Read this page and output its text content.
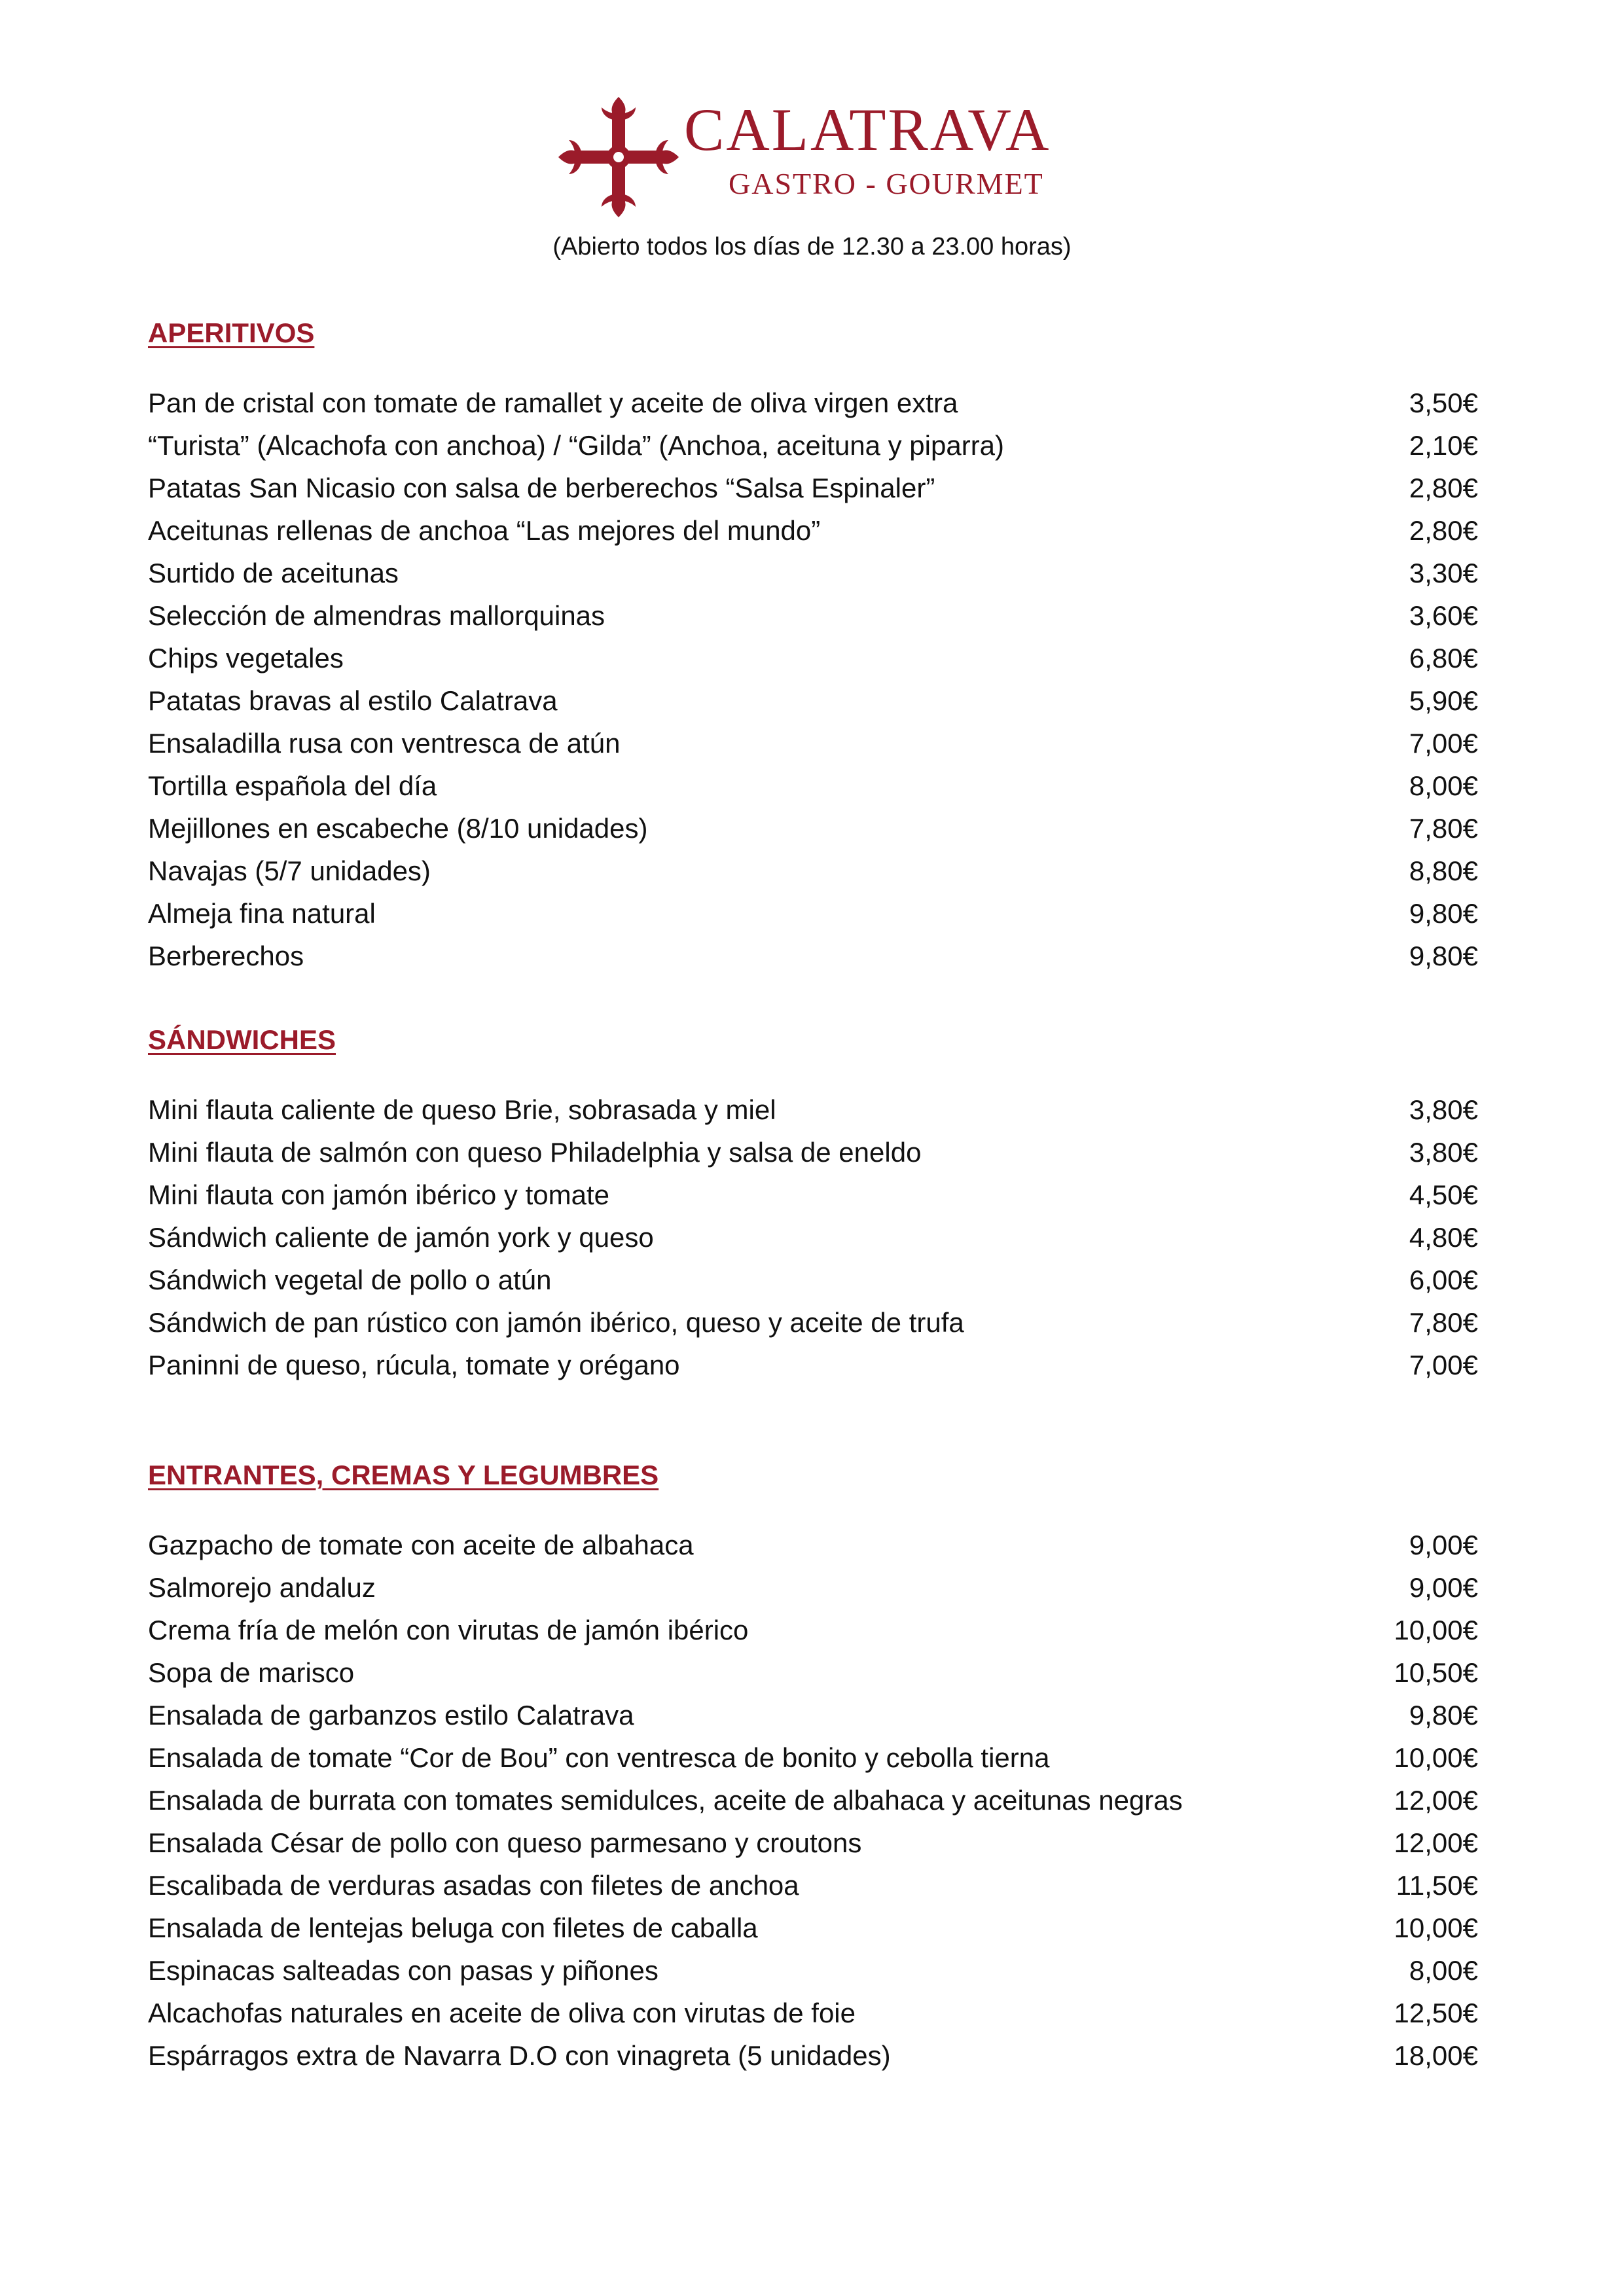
CALATRAVA
GASTRO - GOURMET
(Abierto todos los días de 12.30 a 23.00 horas)
APERITIVOS
Pan de cristal con tomate de ramallet y aceite de oliva virgen extra	3,50€
“Turista” (Alcachofa con anchoa) / “Gilda” (Anchoa, aceituna y piparra)	2,10€
Patatas San Nicasio con salsa de berberechos “Salsa Espinaler”	2,80€
Aceitunas rellenas de anchoa “Las mejores del mundo”	2,80€
Surtido de aceitunas	3,30€
Selección de almendras mallorquinas	3,60€
Chips vegetales	6,80€
Patatas bravas al estilo Calatrava	5,90€
Ensaladilla rusa con ventresca de atún	7,00€
Tortilla española del día	8,00€
Mejillones en escabeche (8/10 unidades)	7,80€
Navajas (5/7 unidades)	8,80€
Almeja fina natural	9,80€
Berberechos	9,80€
SÁNDWICHES
Mini flauta caliente de queso Brie, sobrasada y miel	3,80€
Mini flauta de salmón con queso Philadelphia y salsa de eneldo	3,80€
Mini flauta con jamón ibérico y tomate	4,50€
Sándwich caliente de jamón york y queso	4,80€
Sándwich vegetal de pollo o atún	6,00€
Sándwich de pan rústico con jamón ibérico, queso y aceite de trufa	7,80€
Paninni de queso, rúcula, tomate y orégano	7,00€
ENTRANTES, CREMAS Y LEGUMBRES
Gazpacho de tomate con aceite de albahaca	9,00€
Salmorejo andaluz	9,00€
Crema fría de melón con virutas de jamón ibérico	10,00€
Sopa de marisco	10,50€
Ensalada de garbanzos estilo Calatrava	9,80€
Ensalada de tomate “Cor de Bou” con ventresca de bonito y cebolla tierna	10,00€
Ensalada de burrata con tomates semidulces, aceite de albahaca y aceitunas negras	12,00€
Ensalada César de pollo con queso parmesano y croutons	12,00€
Escalibada de verduras asadas con filetes de anchoa	11,50€
Ensalada de lentejas beluga con filetes de caballa	10,00€
Espinacas salteadas con pasas y piñones	8,00€
Alcachofas naturales en aceite de oliva con virutas de foie	12,50€
Espárragos extra de Navarra D.O con vinagreta (5 unidades)	18,00€
